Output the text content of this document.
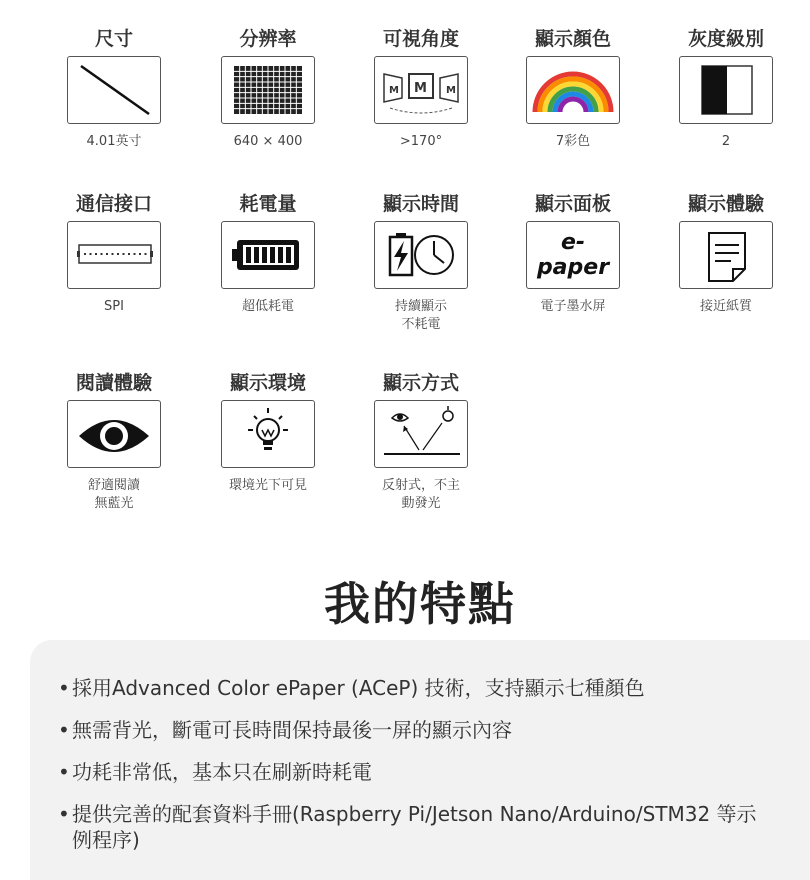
尺寸
4.01英寸
分辨率
640 × 400
可視角度
M M M
>170°
顯示顏色
7彩色
灰度級別
2
通信接口
SPI
耗電量
超低耗電
顯示時間
持續顯示
不耗電
顯示面板
e-paper
電子墨水屏
顯示體驗
接近紙質
閱讀體驗
舒適閱讀
無藍光
顯示環境
環境光下可見
顯示方式
反射式，不主
動發光
我的特點
• 採用Advanced Color ePaper (ACeP) 技術，支持顯示七種顏色
• 無需背光，斷電可長時間保持最後一屏的顯示內容
• 功耗非常低，基本只在刷新時耗電
• 提供完善的配套資料手冊(Raspberry Pi/Jetson Nano/Arduino/STM32 等示
例程序)
